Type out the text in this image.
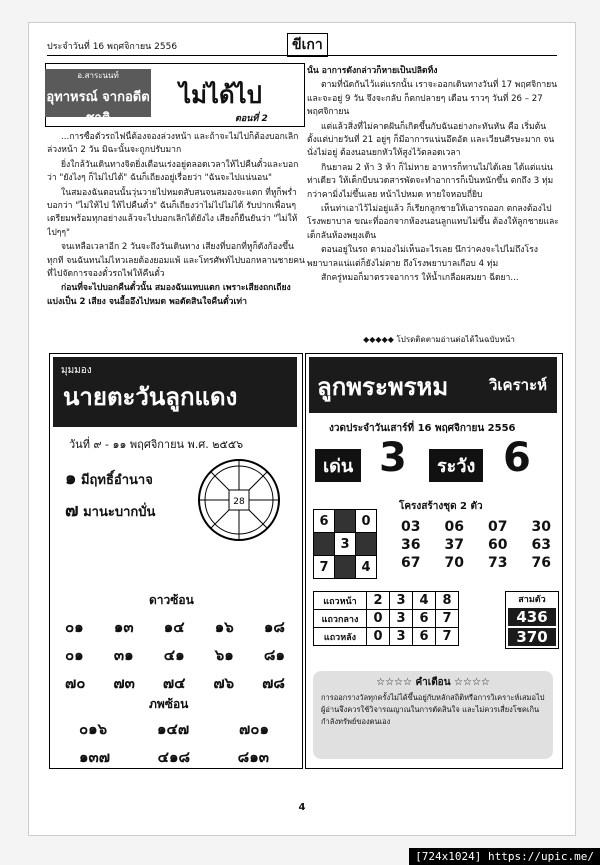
ประจำวันที่ 16 พฤศจิกายน 2556	ขีเกา
อ.สาระนนท์
อุทาหรณ์ จากอดีตชาติ
ไม่ได้ไป
ตอนที่ 2

...การซื้อตั๋วรถไฟนี้ต้องจองล่วงหน้า และถ้าจะไม่ไปก็ต้องบอกเลิกล่วงหน้า 2 วัน มิฉะนั้นจะถูกปรับมาก

ยิ่งใกล้วันเดินทางจิตยิ่งเตือนเร่งอยู่ตลอดเวลาให้ไปคืนตั๋วและบอกว่า "ยังไงๆ ก็ไม่ไปได้" ฉันก็เถียงอยู่เรื่อยว่า "ฉันจะไปแน่นอน"

ในสมองฉันตอนนั้นวุ่นวายไปหมดสับสนจนสมองจะแตก ที่หูก็พร่ำบอกว่า "ไม่ให้ไป ให้ไปคืนตั๋ว" ฉันก็เถียงว่าไม่ไปไม่ได้ รับปากเพื่อนๆ เตรียมพร้อมทุกอย่างแล้วจะไปบอกเลิกได้ยังไง เสียงก็ยืนยันว่า "ไม่ให้ไปๆๆ"

จนเหลือเวลาอีก 2 วันจะถึงวันเดินทาง เสียงที่บอกที่หูก็ดังก้องขึ้นทุกที จนฉันทนไม่ไหวเลยต้องยอมแพ้ และโทรศัพท์ไปบอกหลานชายคนที่ไปจัดการจองตั๋วรถไฟให้คืนตั๋ว

ก่อนที่จะไปบอกคืนตั๋วนั้น สมองฉันแทบแตก เพราะเสียงถกเถียงแบ่งเป็น 2 เสียง จนอื้ออึงไปหมด พอตัดสินใจคืนตั๋วเท่า

นั้น อาการดังกล่าวก็หายเป็นปลิดทิ้ง

ตามที่นัดกันไว้แต่แรกนั้น เราจะออกเดินทางวันที่ 17 พฤศจิกายน และจะอยู่ 9 วัน จึงจะกลับ ก็ตกปลายๆ เดือน ราวๆ วันที่ 26 – 27 พฤศจิกายน

แต่แล้วสิ่งที่ไม่คาดฝันก็เกิดขึ้นกับฉันอย่างกะทันหัน คือ เริ่มต้นตั้งแต่บ่ายวันที่ 21 อยู่ๆ ก็มีอาการแน่นอึดอัด และเวียนศีรษะมาก จนนั่งไม่อยู่ ต้องนอนยกหัวให้สูงไว้ตลอดเวลา

กินยาลม 2 ห้า 3 ห้า ก็ไม่หาย อาหารก็ทานไม่ได้เลย ได้แต่แน่นท่าเดียว ให้เด็กบีบนวดสารพัดจะทำอาการก็เป็นหนักขึ้น ตกถึง 3 ทุ่มกว่าคามิ่งไม่ขึ้นเลย หน้าไปหมด หายใจหอบถี่ยิบ

เห็นท่าเอาไว้ไม่อยู่แล้ว ก็เรียกลูกชายให้เอารถออก ตกลงต้องไปโรงพยาบาล ขณะที่ออกจากห้องนอนลูกแทบไม่ขึ้น ต้องให้ลูกชายและเด็กลันห้องพยุงเดิน

ตอนอยู่ในรถ ตามองไม่เห็นอะไรเลย นึกว่าคงจะไปไม่ถึงโรงพยาบาลแน่แต่ก็ยังไม่ตาย ถึงโรงพยาบาลเกือบ 4 ทุ่ม

สักครู่หมอก็มาตรวจอาการ ให้น้ำเกลือผสมยา ฉีดยา...

◆◆◆◆◆ โปรดติดตามอ่านต่อได้ในฉบับหน้า
มุมมอง
นายตะวันลูกแดง
วันที่ ๙ - ๑๑ พฤศจิกายน พ.ศ. ๒๕๕๖
๑ มีฤทธิ์อำนาจ
๗ มานะบากบั่น
28
ดาวซ้อน
๐๑ ๑๓ ๑๔ ๑๖ ๑๘
๐๑ ๓๑ ๔๑ ๖๑ ๘๑
๗๐ ๗๓ ๗๔ ๗๖ ๗๘
ภพซ้อน
๐๑๖	๑๔๗	๗๐๑
๑๓๗	๔๑๘	๘๑๓
ลูกพระพรหม	วิเคราะห์
งวดประจำวันเสาร์ที่ 16 พฤศจิกายน 2556
เด่น 3	ระวัง 6
โครงสร้างชุด 2 ตัว
6		0
	3	
7		4
03 06 07 30
36 37 60 63
67 70 73 76
แถวหน้า	2	3	4	8
แถวกลาง	0	3	6	7
แถวหลัง	0	3	6	7
สามตัว
436
370
☆☆☆☆ คำเตือน ☆☆☆☆
การออกรางวัลทุกครั้งไม่ได้ขึ้นอยู่กับหลักสถิติหรือการวิเคราะห์เสมอไป ผู้อ่านจึงควรใช้วิจารณญาณในการตัดสินใจ และไม่ควรเสี่ยงโชคเกินกำลังทรัพย์ของตนเอง
4
[724x1024] https://upic.me/
